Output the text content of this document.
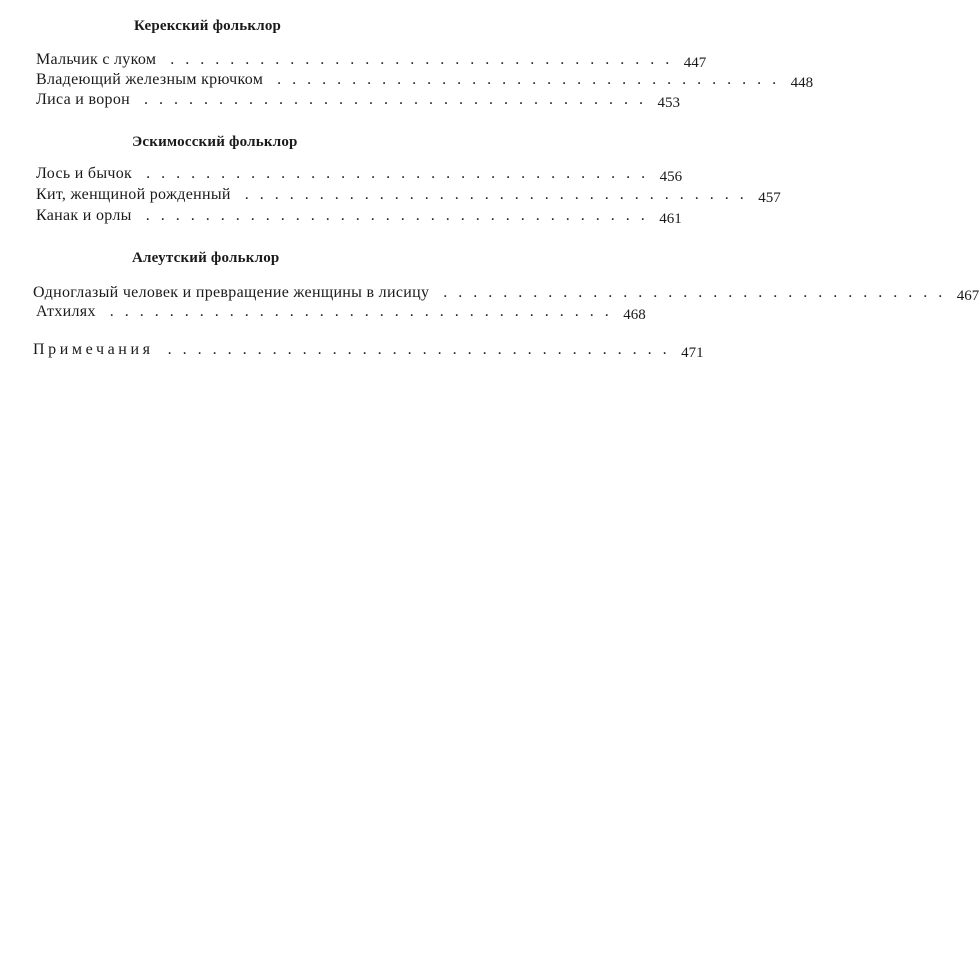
Керекский фольклор
Мальчик с луком .................................. 447
Владеющий железным крючком .................................. 448
Лиса и ворон .................................. 453
Эскимосский фольклор
Лось и бычок .................................. 456
Кит, женщиной рожденный .................................. 457
Канак и орлы .................................. 461
Алеутский фольклор
Одноглазый человек и превращение женщины в лисицу .................................. 467
Атхилях .................................. 468
Примечания .................................. 471
